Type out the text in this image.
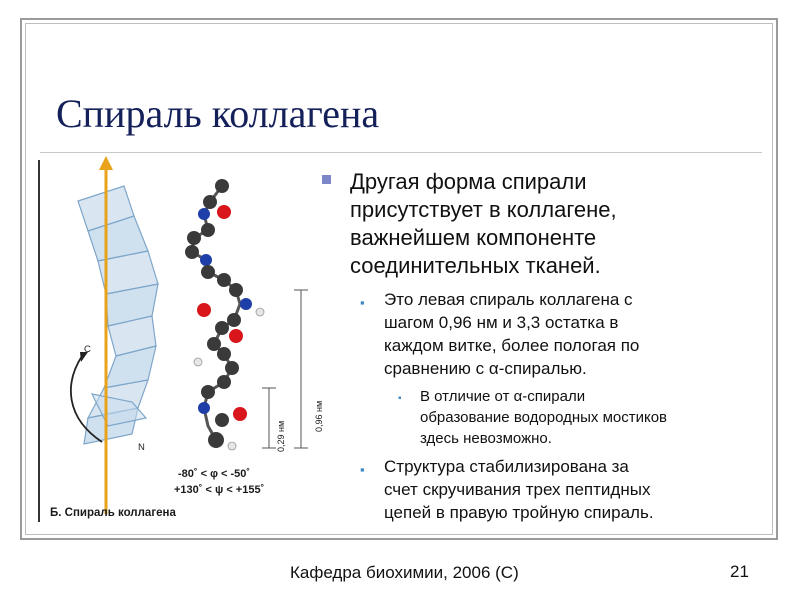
Спираль коллагена
C
N	0,29 нм
0,96 нм
-80˚ < φ < -50˚
+130˚ < ψ < +155˚
Б. Спираль коллагена
Другая форма спирали
присутствует в коллагене,
важнейшем компоненте
соединительных тканей.
▪ Это левая спираль коллагена с
шагом 0,96 нм и 3,3 остатка в
каждом витке, более пологая по
сравнению с α-спиралью.
▪ В отличие от α-спирали
образование водородных мостиков
здесь невозможно.
▪ Структура стабилизирована за
счет скручивания трех пептидных
цепей в правую тройную спираль.
Кафедра биохимии, 2006 (С)	21
